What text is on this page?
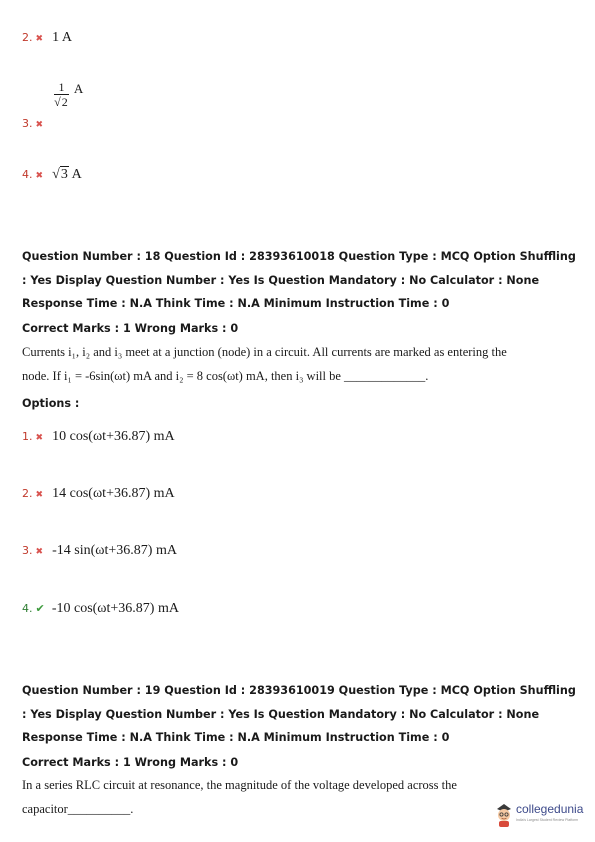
2. ✖ 1 A
$_{3.}$ $_✖$
$\frac{1}{√2} ^A$
4. ✖ √3 A
Question Number : 18 Question Id : 28393610018 Question Type : MCQ Option Shuffling : Yes Display Question Number : Yes Is Question Mandatory : No Calculator : None Response Time : N.A Think Time : N.A Minimum Instruction Time : 0
Correct Marks : 1 Wrong Marks : 0
Currents i₁, i₂ and i₃ meet at a junction (node) in a circuit. All currents are marked as entering the
node. If i₁ = -6sin(ωt) mA and i₂ = 8 cos(ωt) mA, then i₃ will be _____________.
Options :
1. ✖ 10 cos(ωt+36.87) mA
2. ✖ 14 cos(ωt+36.87) mA
3. ✖ -14 sin(ωt+36.87) mA
4. ✔ -10 cos(ωt+36.87) mA
Question Number : 19 Question Id : 28393610019 Question Type : MCQ Option Shuffling : Yes Display Question Number : Yes Is Question Mandatory : No Calculator : None Response Time : N.A Think Time : N.A Minimum Instruction Time : 0
Correct Marks : 1 Wrong Marks : 0
In a series RLC circuit at resonance, the magnitude of the voltage developed across the
capacitor__________.	collegedunia
India's Largest Student Review Platform
